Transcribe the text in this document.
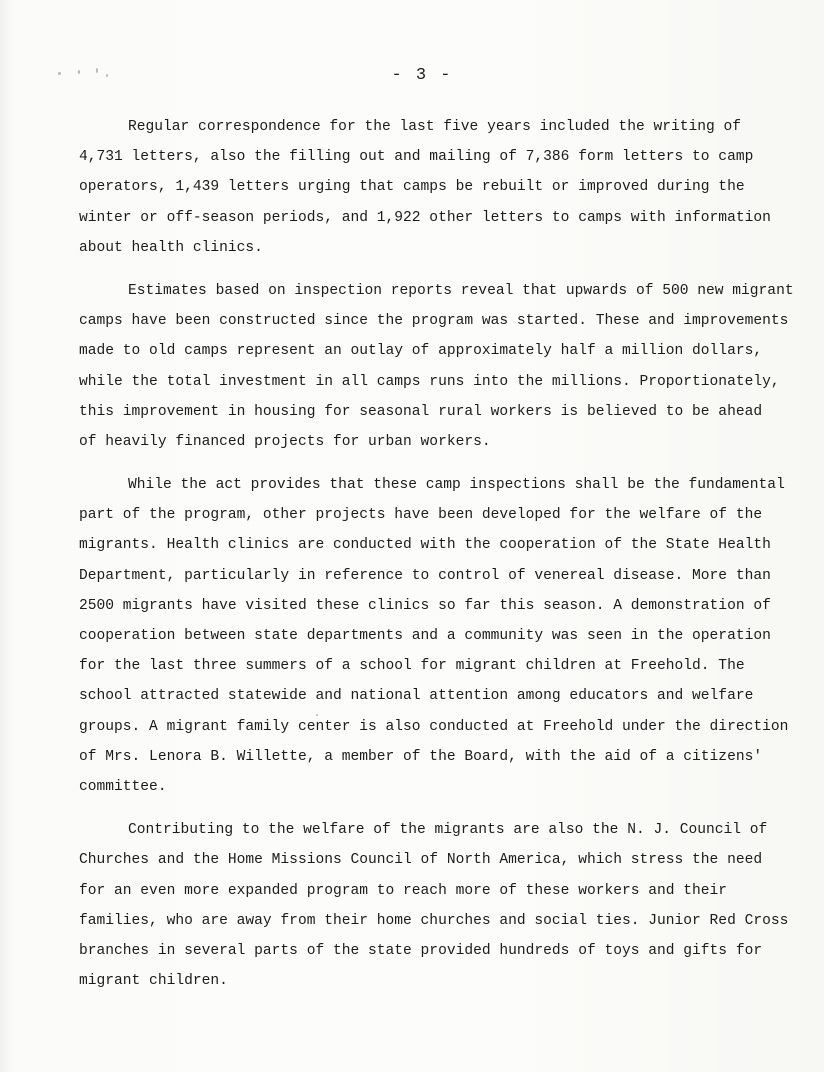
- 3 -

Regular correspondence for the last five years included the writing of
4,731 letters, also the filling out and mailing of 7,386 form letters to camp
operators, 1,439 letters urging that camps be rebuilt or improved during the
winter or off-season periods, and 1,922 other letters to camps with information
about health clinics.

Estimates based on inspection reports reveal that upwards of 500 new migrant
camps have been constructed since the program was started. These and improvements
made to old camps represent an outlay of approximately half a million dollars,
while the total investment in all camps runs into the millions. Proportionately,
this improvement in housing for seasonal rural workers is believed to be ahead
of heavily financed projects for urban workers.

While the act provides that these camp inspections shall be the fundamental
part of the program, other projects have been developed for the welfare of the
migrants. Health clinics are conducted with the cooperation of the State Health
Department, particularly in reference to control of venereal disease. More than
2500 migrants have visited these clinics so far this season. A demonstration of
cooperation between state departments and a community was seen in the operation
for the last three summers of a school for migrant children at Freehold. The
school attracted statewide and national attention among educators and welfare
groups. A migrant family center is also conducted at Freehold under the direction
of Mrs. Lenora B. Willette, a member of the Board, with the aid of a citizens'
committee.

Contributing to the welfare of the migrants are also the N. J. Council of
Churches and the Home Missions Council of North America, which stress the need
for an even more expanded program to reach more of these workers and their
families, who are away from their home churches and social ties. Junior Red Cross
branches in several parts of the state provided hundreds of toys and gifts for
migrant children.
